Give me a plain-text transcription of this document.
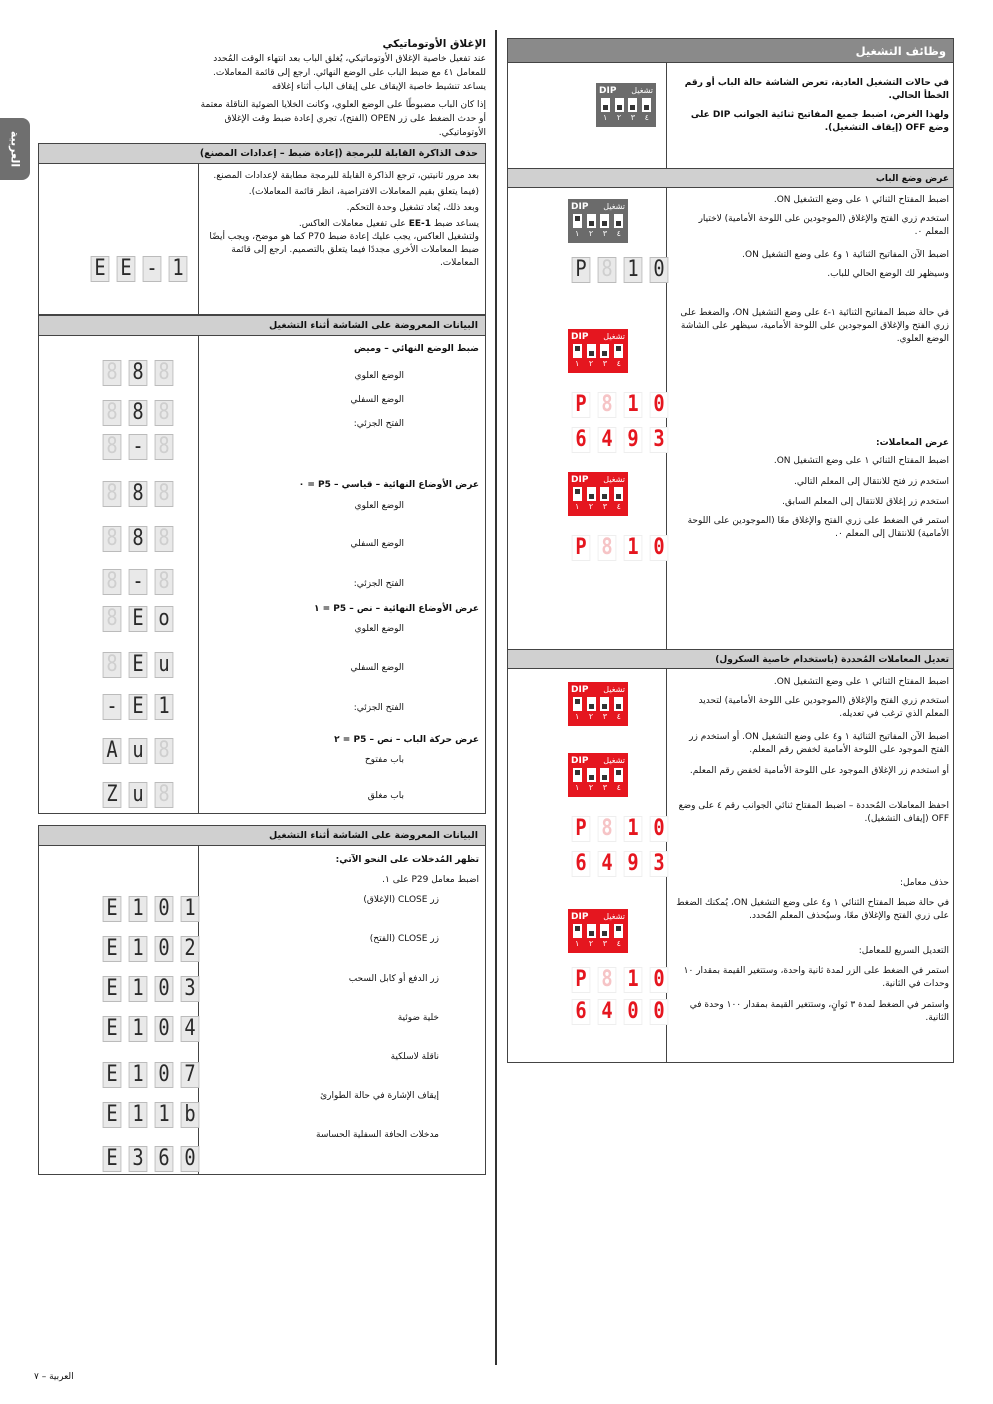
العربية
العربية – ٧
الإغلاق الأوتوماتيكي

عند تفعيل خاصية الإغلاق الأوتوماتيكي، يُغلق الباب بعد انتهاء الوقت المُحدد للمعامل ٤١ مع ضبط الباب على الوضع النهائي. ارجع إلى قائمة المعاملات. يساعد تنشيط خاصية الإيقاف على إيقاف الباب أثناء إغلاقه

إذا كان الباب مضبوطًا على الوضع العلوي، وكانت الخلايا الضوئية الناقلة معتمة أو حدث الضغط على زر OPEN (الفتح)، تجري إعادة ضبط وقت الإغلاق الأوتوماتيكي.

حذف الذاكرة القابلة للبرمجة (إعادة ضبط – إعدادات المصنع)
بعد مرور ثانيتين، ترجع الذاكرة القابلة للبرمجة مطابقة لإعدادات المصنع.
(فيما يتعلق بقيم المعاملات الافتراضية، انظر قائمة المعاملات).
وبعد ذلك، يُعاد تشغيل وحدة التحكم.
يساعد ضبط EE-1 على تفعيل معاملات العاكس.
ولتشغيل العاكس، يجب عليك إعادة ضبط P70 كما هو موضح، ويجب أيضًا ضبط المعاملات الأخرى مجددًا فيما يتعلق بالتصميم. ارجع إلى قائمة المعاملات.
E E - 1
البيانات المعروضة على الشاشة أثناء التشغيل
ضبط الوضع النهائي – وميض
الوضع العلوي
الوضع السفلي
الفتح الجزئي:
8 8 8
8 8 8
8 - 8
عرض الأوضاع النهائية – قياسي – P5 = ٠
الوضع العلوي
الوضع السفلي
الفتح الجزئي:
8 8 8
8 8 8
8 - 8
عرض الأوضاع النهائية – نص – P5 = ١
الوضع العلوي
الوضع السفلي
الفتح الجزئي:
8 E o
8 E u
- E 1
عرض حركة الباب – نص – P5 = ٢
باب مفتوح
باب مغلق
A u 8
Z u 8
البيانات المعروضة على الشاشة أثناء التشغيل
تظهر المُدخلات على النحو الآتي:
اضبط معامل P29 على ١.
زر CLOSE (الإغلاق)
زر CLOSE (الفتح)
زر الدفع أو كابل السحب
خلية ضوئية
ناقلة لاسلكية
إيقاف الإشارة في حالة الطوارئ
مدخلات الحافة السفلية الحساسة
E 1 0 1
E 1 0 2
E 1 0 3
E 1 0 4
E 1 0 7
E 1 1 b
E 3 6 0
وظائف التشغيل
في حالات التشغيل العادية، تعرض الشاشة حالة الباب أو رقم الخطأ الحالي.
ولهذا الغرض، اضبط جميع المفاتيح ثنائية الجوانب DIP على وضع OFF (إيقاف التشغيل).
DIP تشغيل
١ ٢ ٣ ٤
عرض وضع الباب
اضبط المفتاح الثنائي ١ على وضع التشغيل ON.
استخدم زري الفتح والإغلاق (الموجودين على اللوحة الأمامية) لاختيار المعلم ٠.
اضبط الآن المفاتيح الثنائية ١ و٤ على وضع التشغيل ON.
وسيظهر لك الوضع الحالي للباب.
في حالة ضبط المفاتيح الثنائية ١-٤ على وضع التشغيل ON، والضغط على زري الفتح والإغلاق الموجودين على اللوحة الأمامية، سيظهر على الشاشة الوضع العلوي.
DIP تشغيل
١ ٢ ٣ ٤
P 8 1 0
DIP تشغيل
١ ٢ ٣ ٤
P 8 1 0
6 4 9 3	عرض المعاملات:
اضبط المفتاح الثنائي ١ على وضع التشغيل ON.
استخدم زر فتح للانتقال إلى المعلم التالي.
استخدم زر إغلاق للانتقال إلى المعلم السابق.
استمر في الضغط على زري الفتح والإغلاق معًا (الموجودين على اللوحة الأمامية) للانتقال إلى المعلم ٠.
DIP تشغيل
١ ٢ ٣ ٤
P 8 1 0
تعديل المعاملات المُحددة (باستخدام خاصية السكرول)
اضبط المفتاح الثنائي ١ على وضع التشغيل ON.
استخدم زري الفتح والإغلاق (الموجودين على اللوحة الأمامية) لتحديد المعلم الذي ترغب في تعديله.
اضبط الآن المفاتيح الثنائية ١ و٤ على وضع التشغيل ON. أو استخدم زر الفتح الموجود على اللوحة الأمامية لخفض رقم المعلم.
أو استخدم زر الإغلاق الموجود على اللوحة الأمامية لخفض رقم المعلم.
احفظ المعاملات المُحددة – اضبط المفتاح ثنائي الجوانب رقم ٤ على وضع OFF (إيقاف التشغيل).
حذف معامل:
في حالة ضبط المفتاح الثنائي ١ و٤ على وضع التشغيل ON، يُمكنك الضغط على زري الفتح والإغلاق معًا، وسيُحذف المعلم المُحدد.
التعديل السريع للمعامل:
استمر في الضغط على الزر لمدة ثانية واحدة، وستتغير القيمة بمقدار ١٠ وحدات في الثانية.
واستمر في الضغط لمدة ٣ ثوانٍ، وستتغير القيمة بمقدار ١٠٠ وحدة في الثانية.
DIP تشغيل
١ ٢ ٣ ٤
DIP تشغيل
١ ٢ ٣ ٤
P 8 1 0
6 4 9 3
DIP تشغيل
١ ٢ ٣ ٤
P 8 1 0
6 4 0 0
